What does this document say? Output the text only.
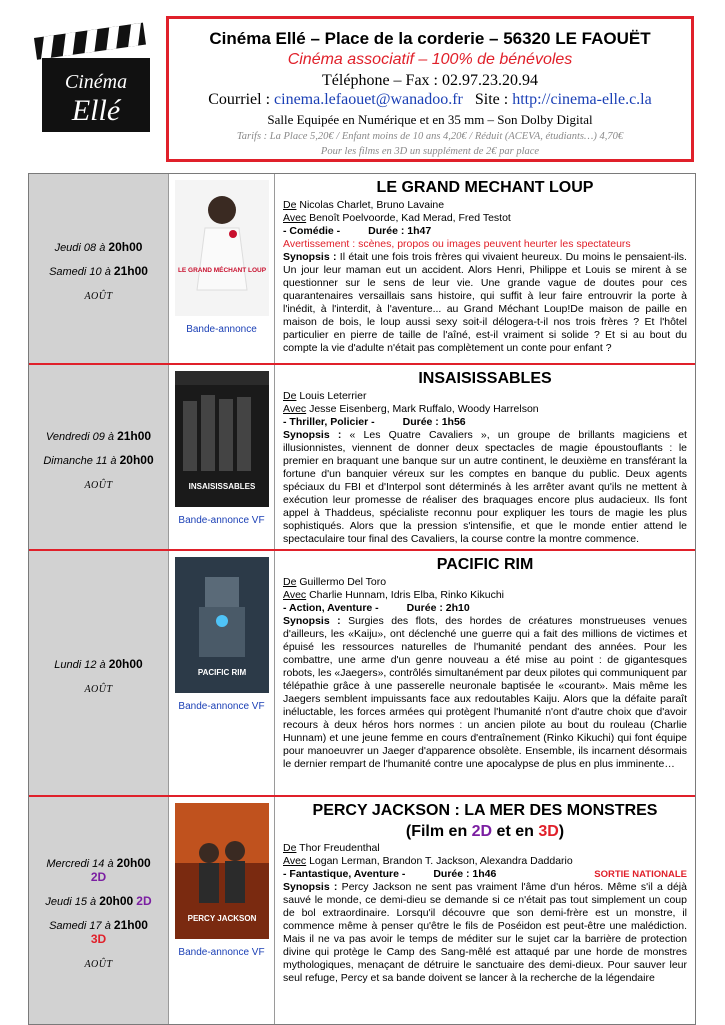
Cinéma
Ellé
Cinéma Ellé – Place de la corderie – 56320 LE FAOUËT
Cinéma associatif – 100% de bénévoles
Téléphone – Fax : 02.97.23.20.94
Courriel : cinema.lefaouet@wanadoo.fr   Site : http://cinema-elle.c.la
Salle Equipée en Numérique et en 35 mm – Son Dolby Digital
Tarifs : La Place 5,20€ / Enfant moins de 10 ans 4,20€ / Réduit (ACEVA, étudiants…) 4,70€
Pour les films en 3D un supplément de 2€ par place
Jeudi 08 à 20h00
Samedi 10 à 21h00
AOÛT
LE GRAND MÉCHANT LOUP
Bande-annonce
LE GRAND MECHANT LOUP
De Nicolas Charlet, Bruno Lavaine
Avec Benoît Poelvoorde, Kad Merad, Fred Testot
- Comédie -	Durée : 1h47
Avertissement : scènes, propos ou images peuvent heurter les spectateurs
Synopsis : Il était une fois trois frères qui vivaient heureux. Du moins le pensaient-ils. Un jour leur maman eut un accident. Alors Henri, Philippe et Louis se mirent à se questionner sur le sens de leur vie. Une grande vague de doutes pour ces quarantenaires versaillais sans histoire, qui suffit à leur faire entrouvrir la porte à l'inédit, à l'interdit, à l'aventure... au Grand Méchant Loup!De maison de paille en maison de bois, le loup aussi sexy soit-il délogera-t-il nos trois frères ? Et l'hôtel particulier en pierre de taille de l'aîné, est-il vraiment si solide ? Et si au bout du compte la vie d'adulte n'était pas complètement un conte pour enfant ?
Vendredi 09 à 21h00
Dimanche 11 à 20h00
AOÛT	INSAISISSABLES
Bande-annonce VF
INSAISISSABLES
De Louis Leterrier
Avec Jesse Eisenberg, Mark Ruffalo, Woody Harrelson
- Thriller, Policier -	Durée : 1h56
Synopsis : « Les Quatre Cavaliers », un groupe de brillants magiciens et illusionnistes, viennent de donner deux spectacles de magie époustouflants : le premier en braquant une banque sur un autre continent, le deuxième en transférant la fortune d'un banquier véreux sur les comptes en banque du public. Deux agents spéciaux du FBI et d'Interpol sont déterminés à les arrêter avant qu'ils ne mettent à exécution leur promesse de réaliser des braquages encore plus audacieux. Ils font appel à Thaddeus, spécialiste reconnu pour expliquer les tours de magie les plus sophistiqués. Alors que la pression s'intensifie, et que le monde entier attend le spectaculaire tour final des Cavaliers, la course contre la montre commence.
Lundi 12 à 20h00
AOÛT
PACIFIC RIM
Bande-annonce VF
PACIFIC RIM
De Guillermo Del Toro
Avec Charlie Hunnam, Idris Elba, Rinko Kikuchi
- Action, Aventure -	Durée : 2h10
Synopsis : Surgies des flots, des hordes de créatures monstrueuses venues d'ailleurs, les «Kaiju», ont déclenché une guerre qui a fait des millions de victimes et épuisé les ressources naturelles de l'humanité pendant des années. Pour les combattre, une arme d'un genre nouveau a été mise au point : de gigantesques robots, les «Jaegers», contrôlés simultanément par deux pilotes qui communiquent par télépathie grâce à une passerelle neuronale baptisée le «courant». Mais même les Jaegers semblent impuissants face aux redoutables Kaiju. Alors que la défaite paraît inéluctable, les forces armées qui protègent l'humanité n'ont d'autre choix que d'avoir recours à deux héros hors normes : un ancien pilote au bout du rouleau (Charlie Hunnam) et une jeune femme en cours d'entraînement (Rinko Kikuchi) qui font équipe pour manoeuvrer un Jaeger d'apparence obsolète. Ensemble, ils incarnent désormais le dernier rempart de l'humanité contre une apocalypse de plus en plus imminente…
Mercredi 14 à 20h00
2D
Jeudi 15 à 20h00 2D
Samedi 17 à 21h00
3D
AOÛT
PERCY JACKSON
Bande-annonce VF
PERCY JACKSON : LA MER DES MONSTRES
(Film en 2D et en 3D)
De Thor Freudenthal
Avec Logan Lerman, Brandon T. Jackson, Alexandra Daddario
- Fantastique, Aventure -	Durée : 1h46	SORTIE NATIONALE
Synopsis : Percy Jackson ne sent pas vraiment l'âme d'un héros. Même s'il a déjà sauvé le monde, ce demi-dieu se demande si ce n'était pas tout simplement un coup de bol extraordinaire. Lorsqu'il découvre que son demi-frère est un monstre, il commence même à penser qu'être le fils de Poséidon est peut-être une malédiction. Mais il ne va pas avoir le temps de méditer sur le sujet car la barrière de protection divine qui protège le Camp des Sang-mêlé est attaqué par une horde de monstres mythologiques, menaçant de détruire le sanctuaire des demi-dieux. Pour sauver leur seul refuge, Percy et sa bande doivent se lancer à la recherche de la légendaire
